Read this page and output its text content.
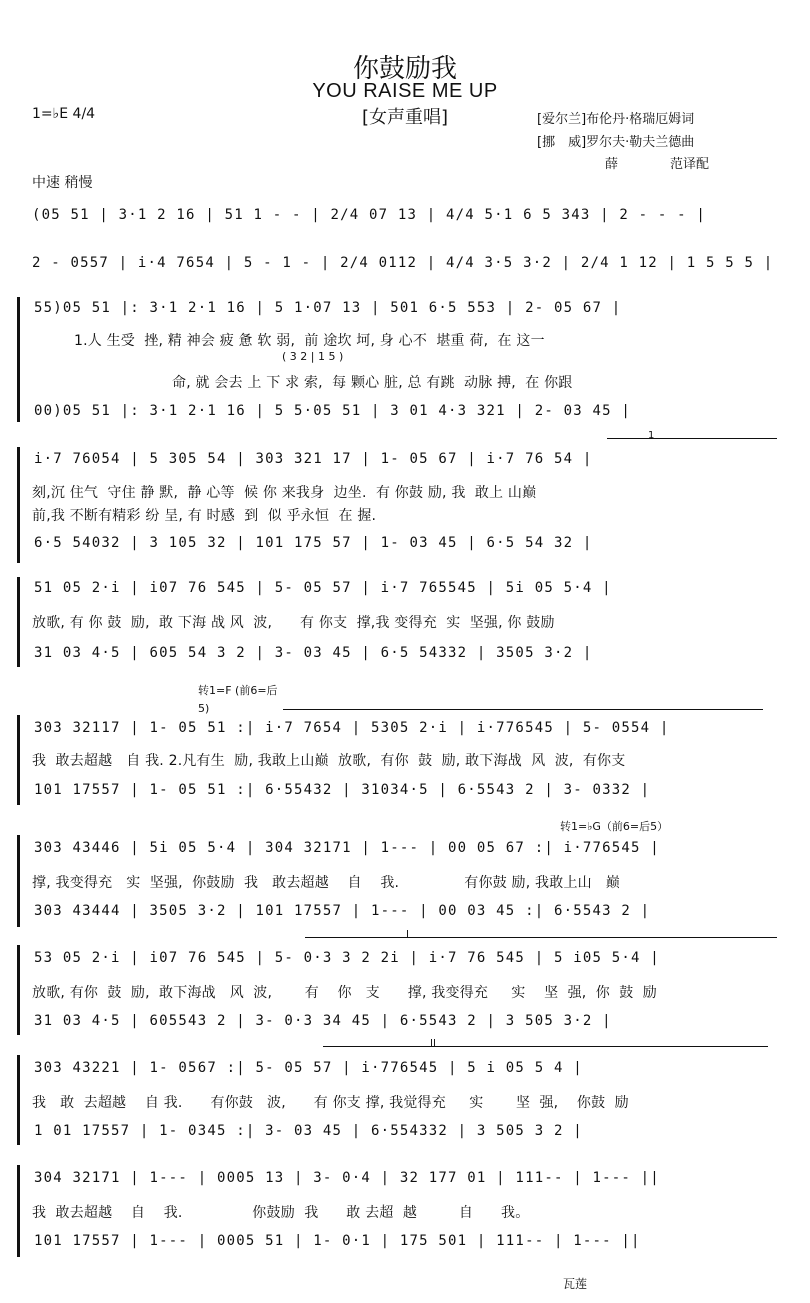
你鼓励我
YOU RAISE ME UP
[女声重唱]
1=♭E 4/4	[爱尔兰]布伦丹·格瑞厄姆词
[挪　威]罗尔夫·勒夫兰德曲
薛　　　　范译配
中速 稍慢
(05 51 | 3·1 2 16 | 51 1 - - | 2/4 07 13 | 4/4 5·1 6 5 343 | 2 - - - |
2 - 0557 | i·4 7654 | 5 - 1 - | 2/4 0112 | 4/4 3·5 3·2 | 2/4 1 12 | 1 5 5 5 |
55)05 51 |: 3·1 2·1 16 | 5 1·07 13 | 501 6·5 553 | 2- 05 67 |
1.人 生受  挫, 精 神会 疲 惫 软 弱,  前 途坎 坷, 身 心不  堪重 荷,  在 这一
( 3 2 | 1 5 )
命, 就 会去 上 下 求 索,  每 颗心 脏, 总 有跳  动脉 搏,  在 你跟
00)05 51 |: 3·1 2·1 16 | 5 5·05 51 | 3 01 4·3 321 | 2- 03 45 |
1
i·7 76054 | 5 305 54 | 303 321 17 | 1- 05 67 | i·7 76 54 |
刻,沉 住气  守住 静 默,  静 心等  候 你 来我身  边坐.  有 你鼓 励, 我  敢上 山巅
前,我 不断有精彩 纷 呈, 有 时感  到  似 乎永恒  在 握.
6·5 54032 | 3 105 32 | 101 175 57 | 1- 03 45 | 6·5 54 32 |
51 05 2·i | i07 76 545 | 5- 05 57 | i·7 765545 | 5i 05 5·4 |
放歌, 有 你 鼓  励,  敢 下海 战 风  波,      有 你支  撑,我 变得充  实  坚强, 你 鼓励
31 03 4·5 | 605 54 3 2 | 3- 03 45 | 6·5 54332 | 3505 3·2 |
转1=F (前6=后5)
303 32117 | 1- 05 51 :| i·7 7654 | 5305 2·i | i·776545 | 5- 0554 |
我  敢去超越   自 我. 2.凡有生  励, 我敢上山巅  放歌,  有你  鼓  励, 敢下海战  风  波,  有你支
101 17557 | 1- 05 51 :| 6·55432 | 31034·5 | 6·5543 2 | 3- 0332 |
转1=♭G（前6=后5）
303 43446 | 5i 05 5·4 | 304 32171 | 1--- | 00 05 67 :| i·776545 |
撑, 我变得充   实  坚强,  你鼓励  我   敢去超越    自    我.              有你鼓 励, 我敢上山   巅
303 43444 | 3505 3·2 | 101 17557 | 1--- | 00 03 45 :| 6·5543 2 |
I
53 05 2·i | i07 76 545 | 5- 0·3 3 2 2i | i·7 76 545 | 5 i05 5·4 |
放歌, 有你  鼓  励,  敢下海战   风  波,       有    你   支      撑, 我变得充     实    坚  强,  你  鼓  励
31 03 4·5 | 605543 2 | 3- 0·3 34 45 | 6·5543 2 | 3 505 3·2 |
II
303 43221 | 1- 0567 :| 5- 05 57 | i·776545 | 5 i 05 5 4 |
我   敢  去超越    自 我.      有你鼓   波,      有 你支 撑, 我觉得充     实       坚  强,    你鼓  励
1 01 17557 | 1- 0345 :| 3- 03 45 | 6·554332 | 3 505 3 2 |
304 32171 | 1--- | 0005 13 | 3- 0·4 | 32 177 01 | 111-- | 1--- ||
我  敢去超越    自    我.               你鼓励  我      敢 去超  越         自      我。
101 17557 | 1--- | 0005 51 | 1- 0·1 | 175 501 | 111-- | 1--- ||
瓦莲
